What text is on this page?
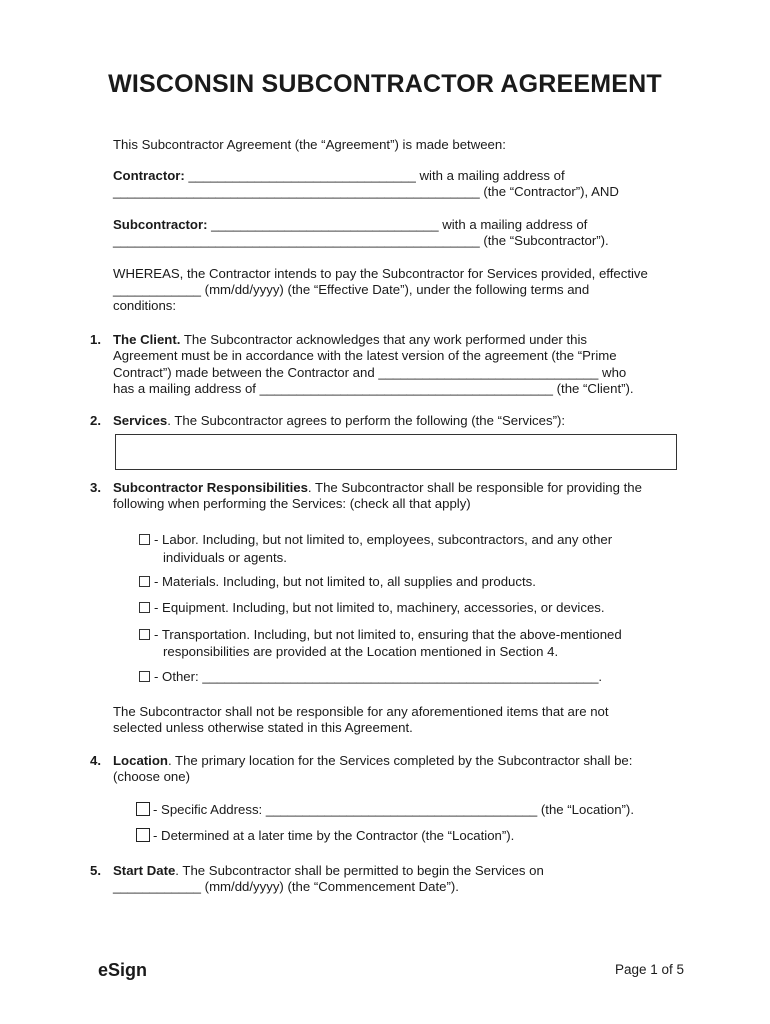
WISCONSIN SUBCONTRACTOR AGREEMENT
This Subcontractor Agreement (the “Agreement”) is made between:
Contractor: _______________________________ with a mailing address of
__________________________________________________ (the “Contractor”), AND
Subcontractor: _______________________________ with a mailing address of
__________________________________________________ (the “Subcontractor”).
WHEREAS, the Contractor intends to pay the Subcontractor for Services provided, effective
____________ (mm/dd/yyyy) (the “Effective Date”), under the following terms and
conditions:
1. The Client. The Subcontractor acknowledges that any work performed under this
Agreement must be in accordance with the latest version of the agreement (the “Prime
Contract”) made between the Contractor and ______________________________ who
has a mailing address of ________________________________________ (the “Client”).
2. Services. The Subcontractor agrees to perform the following (the “Services”):
3. Subcontractor Responsibilities. The Subcontractor shall be responsible for providing the
following when performing the Services: (check all that apply)
- Labor. Including, but not limited to, employees, subcontractors, and any other
individuals or agents.
- Materials. Including, but not limited to, all supplies and products.
- Equipment. Including, but not limited to, machinery, accessories, or devices.
- Transportation. Including, but not limited to, ensuring that the above-mentioned
responsibilities are provided at the Location mentioned in Section 4.
- Other: ______________________________________________________.
The Subcontractor shall not be responsible for any aforementioned items that are not
selected unless otherwise stated in this Agreement.
4. Location. The primary location for the Services completed by the Subcontractor shall be:
(choose one)
- Specific Address: _____________________________________ (the “Location”).
- Determined at a later time by the Contractor (the “Location”).
5. Start Date. The Subcontractor shall be permitted to begin the Services on
____________ (mm/dd/yyyy) (the “Commencement Date”).
eSign	Page 1 of 5
